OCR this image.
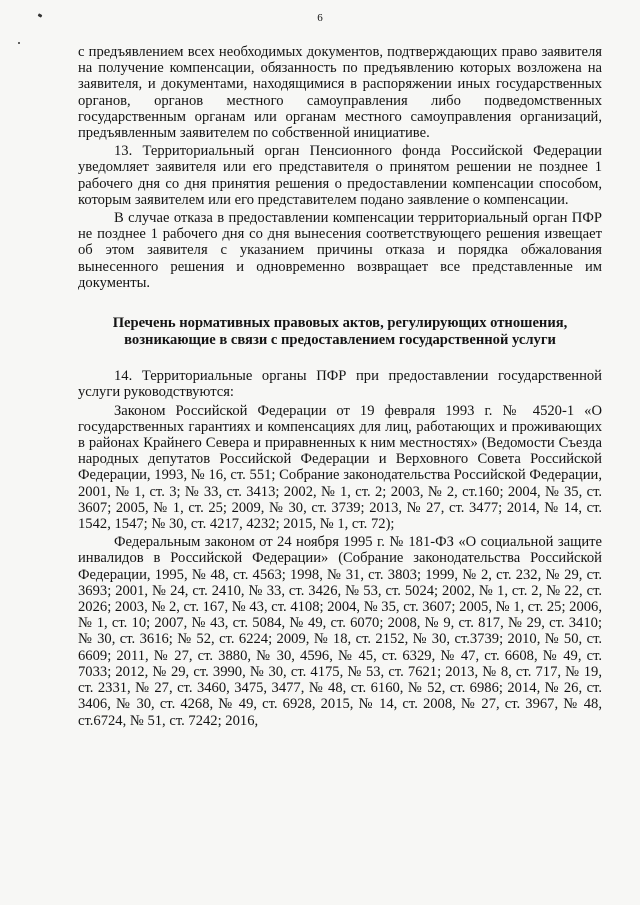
6

с предъявлением всех необходимых документов, подтверждающих право заявителя на получение компенсации, обязанность по предъявлению которых возложена на заявителя, и документами, находящимися в распоряжении иных государственных органов, органов местного самоуправления либо подведомственных государственным органам или органам местного самоуправления организаций, предъявленным заявителем по собственной инициативе.

13. Территориальный орган Пенсионного фонда Российской Федерации уведомляет заявителя или его представителя о принятом решении не позднее 1 рабочего дня со дня принятия решения о предоставлении компенсации способом, которым заявителем или его представителем подано заявление о компенсации.

В случае отказа в предоставлении компенсации территориальный орган ПФР не позднее 1 рабочего дня со дня вынесения соответствующего решения извещает об этом заявителя с указанием причины отказа и порядка обжалования вынесенного решения и одновременно возвращает все представленные им документы.

Перечень нормативных правовых актов, регулирующих отношения, возникающие в связи с предоставлением государственной услуги

14. Территориальные органы ПФР при предоставлении государственной услуги руководствуются:

Законом Российской Федерации от 19 февраля 1993 г. № 4520-1 «О государственных гарантиях и компенсациях для лиц, работающих и проживающих в районах Крайнего Севера и приравненных к ним местностях» (Ведомости Съезда народных депутатов Российской Федерации и Верховного Совета Российской Федерации, 1993, № 16, ст. 551; Собрание законодательства Российской Федерации, 2001, № 1, ст. 3; № 33, ст. 3413; 2002, № 1, ст. 2; 2003, № 2, ст.160; 2004, № 35, ст. 3607; 2005, № 1, ст. 25; 2009, № 30, ст. 3739; 2013, № 27, ст. 3477; 2014, № 14, ст. 1542, 1547; № 30, ст. 4217, 4232; 2015, № 1, ст. 72);

Федеральным законом от 24 ноября 1995 г. № 181-ФЗ «О социальной защите инвалидов в Российской Федерации» (Собрание законодательства Российской Федерации, 1995, № 48, ст. 4563; 1998, № 31, ст. 3803; 1999, № 2, ст. 232, № 29, ст. 3693; 2001, № 24, ст. 2410, № 33, ст. 3426, № 53, ст. 5024; 2002, № 1, ст. 2, № 22, ст. 2026; 2003, № 2, ст. 167, № 43, ст. 4108; 2004, № 35, ст. 3607; 2005, № 1, ст. 25; 2006, № 1, ст. 10; 2007, № 43, ст. 5084, № 49, ст. 6070; 2008, № 9, ст. 817, № 29, ст. 3410; № 30, ст. 3616; № 52, ст. 6224; 2009, № 18, ст. 2152, № 30, ст.3739; 2010, № 50, ст. 6609; 2011, № 27, ст. 3880, № 30, 4596, № 45, ст. 6329, № 47, ст. 6608, № 49, ст. 7033; 2012, № 29, ст. 3990, № 30, ст. 4175, № 53, ст. 7621; 2013, № 8, ст. 717, № 19, ст. 2331, № 27, ст. 3460, 3475, 3477, № 48, ст. 6160, № 52, ст. 6986; 2014, № 26, ст. 3406, № 30, ст. 4268, № 49, ст. 6928, 2015, № 14, ст. 2008, № 27, ст. 3967, № 48, ст.6724, № 51, ст. 7242; 2016,
